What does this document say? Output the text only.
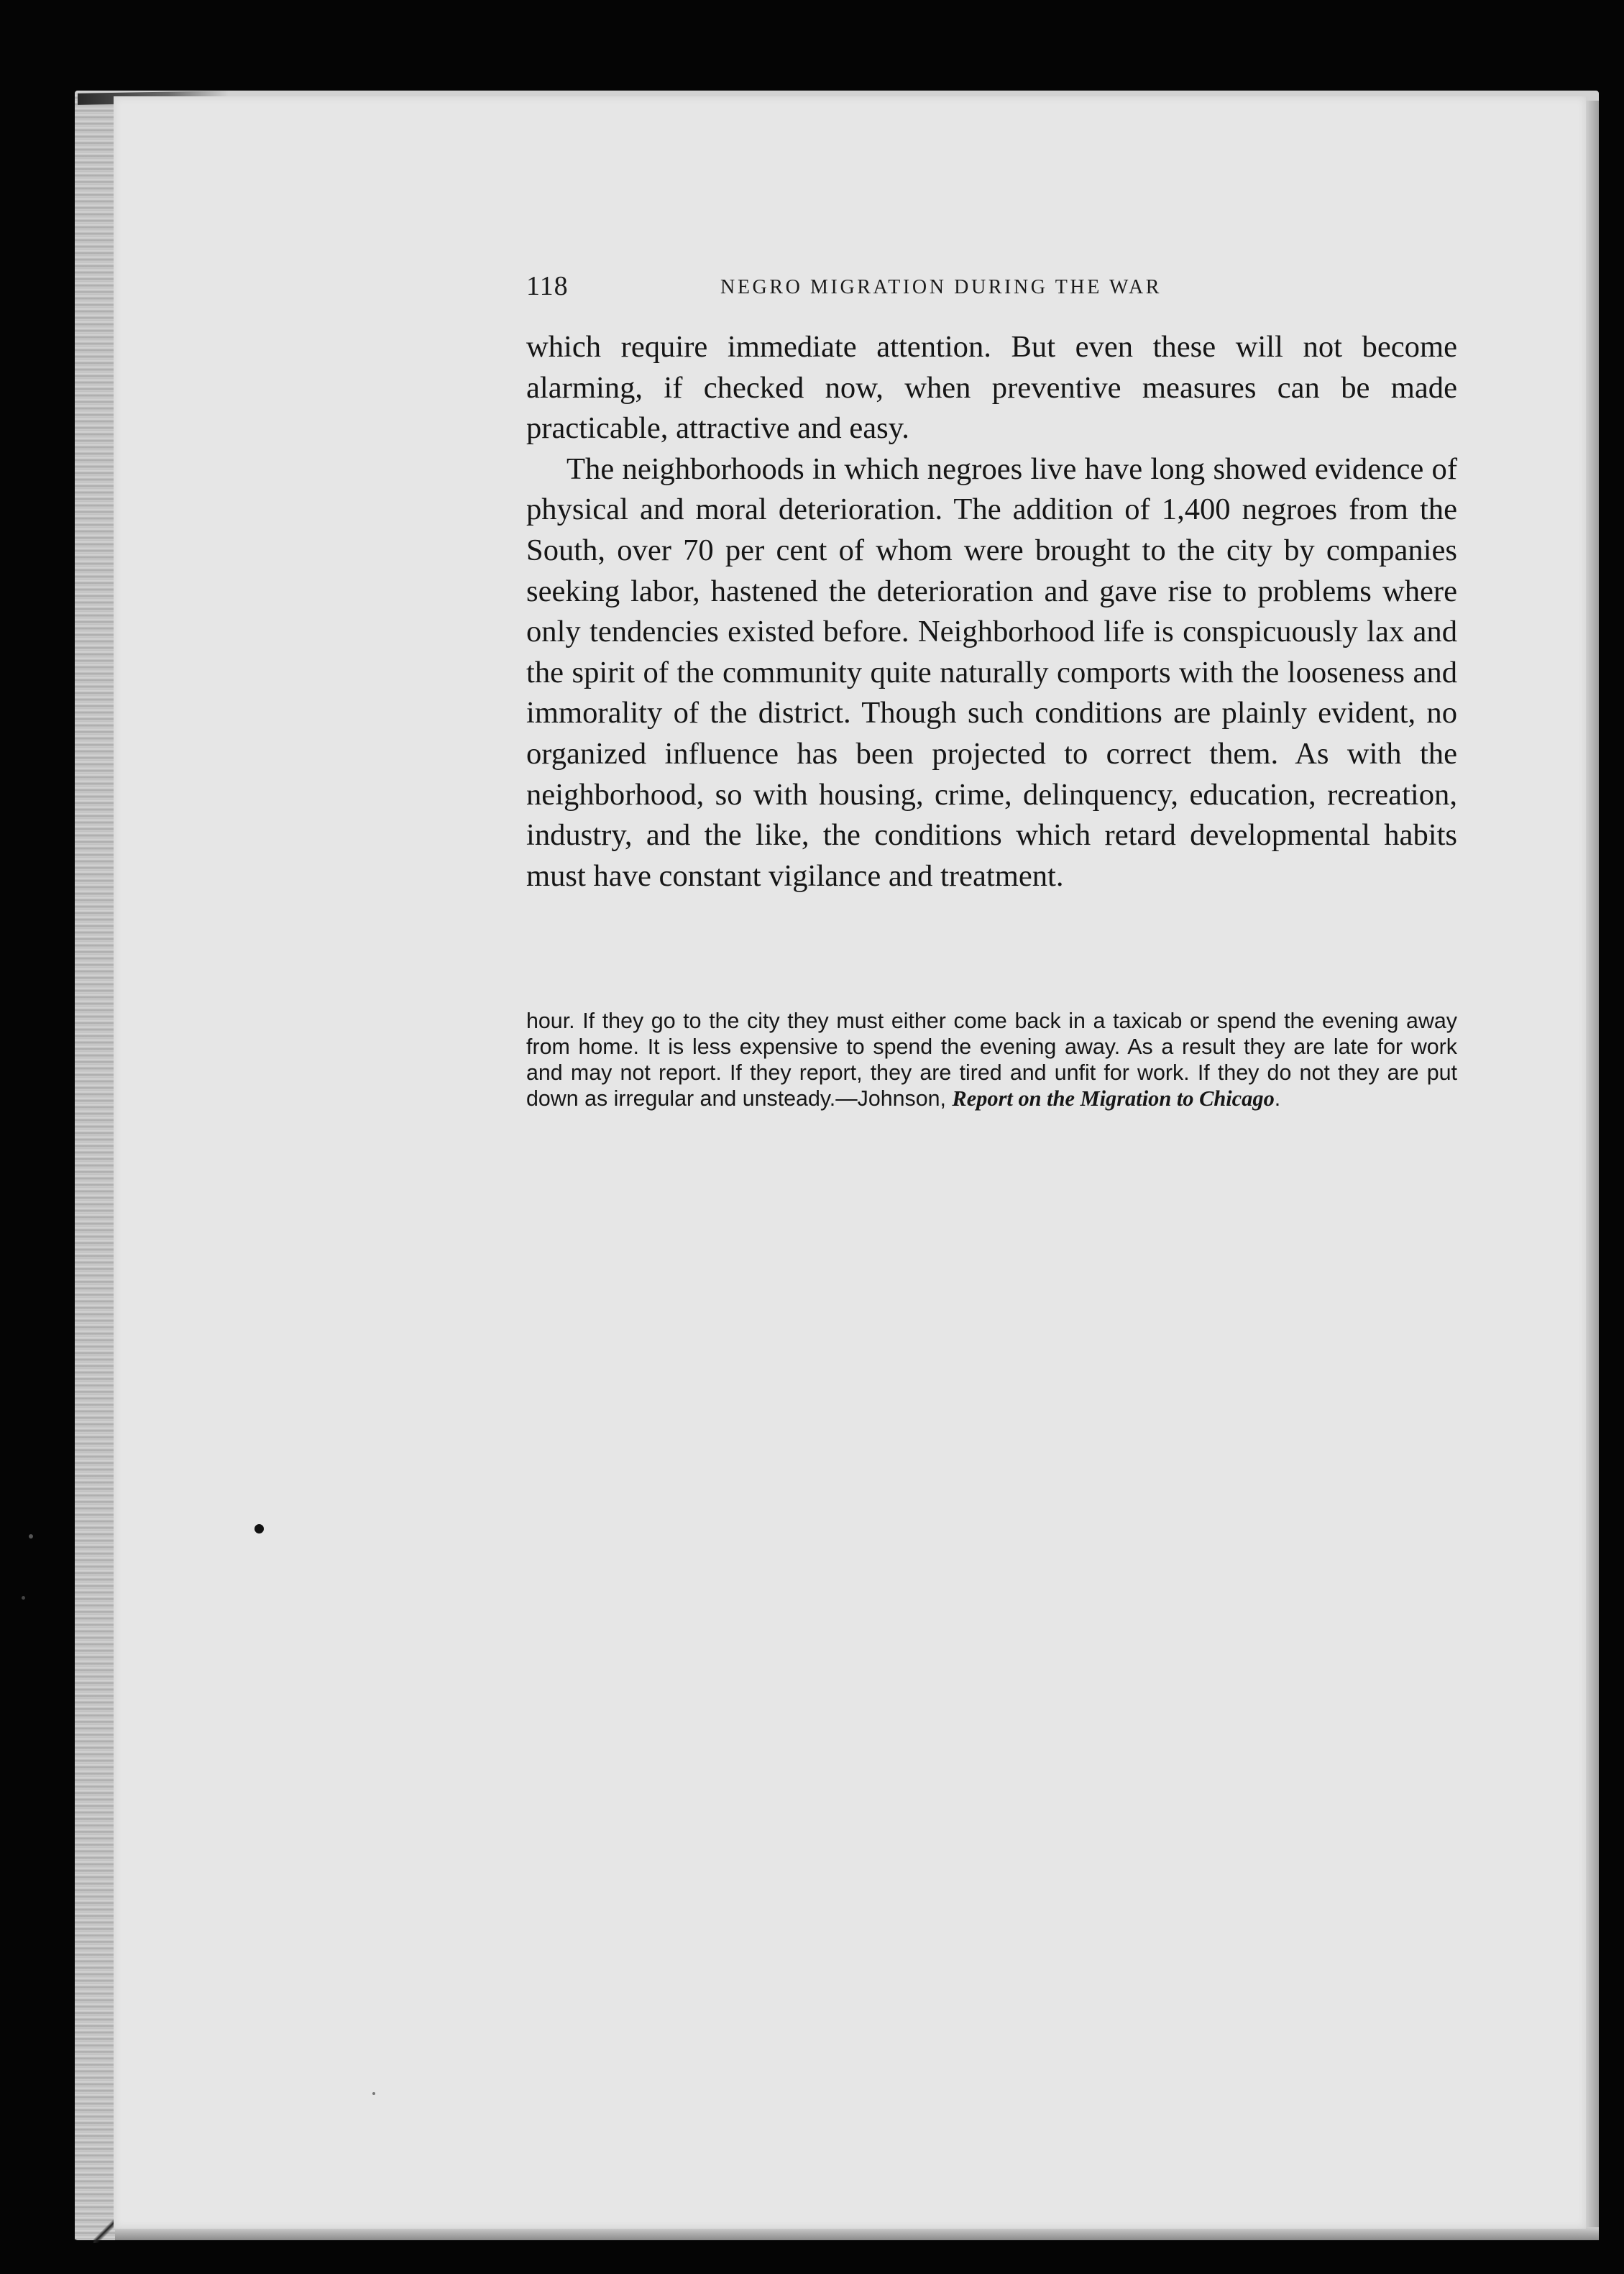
118	NEGRO MIGRATION DURING THE WAR

which require immediate attention. But even these will not become alarming, if checked now, when preventive measures can be made practicable, attractive and easy.

The neighborhoods in which negroes live have long showed evidence of physical and moral deterioration. The addition of 1,400 negroes from the South, over 70 per cent of whom were brought to the city by companies seeking labor, hastened the deterioration and gave rise to problems where only tendencies existed before. Neighborhood life is conspicuously lax and the spirit of the community quite naturally comports with the looseness and immorality of the district. Though such conditions are plainly evident, no organized influence has been projected to correct them. As with the neighborhood, so with housing, crime, delinquency, education, recreation, industry, and the like, the conditions which retard developmental habits must have constant vigilance and treatment.

hour. If they go to the city they must either come back in a taxicab or spend the evening away from home. It is less expensive to spend the evening away. As a result they are late for work and may not report. If they report, they are tired and unfit for work. If they do not they are put down as irregular and unsteady.—Johnson, Report on the Migration to Chicago.
